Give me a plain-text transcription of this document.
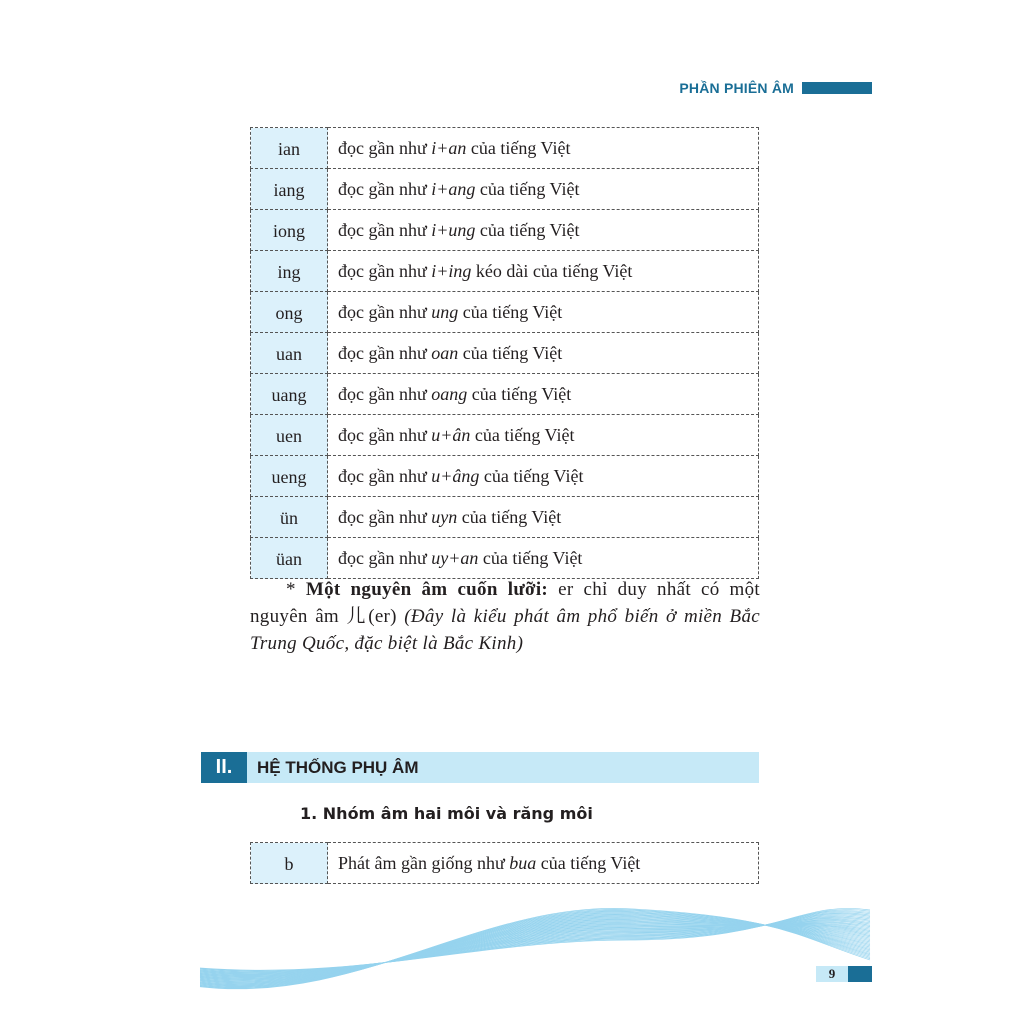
PHẦN PHIÊN ÂM
ian	đọc gần như i+an của tiếng Việt
iang	đọc gần như i+ang của tiếng Việt
iong	đọc gần như i+ung của tiếng Việt
ing	đọc gần như i+ing kéo dài của tiếng Việt
ong	đọc gần như ung của tiếng Việt
uan	đọc gần như oan của tiếng Việt
uang	đọc gần như oang của tiếng Việt
uen	đọc gần như u+ân của tiếng Việt
ueng	đọc gần như u+âng của tiếng Việt
ün	đọc gần như uyn của tiếng Việt
üan	đọc gần như uy+an của tiếng Việt
* Một nguyên âm cuốn lưỡi: er chỉ duy nhất có một nguyên âm 儿(er) (Đây là kiểu phát âm phổ biến ở miền Bắc Trung Quốc, đặc biệt là Bắc Kinh)
II.	HỆ THỐNG PHỤ ÂM
1. Nhóm âm hai môi và răng môi
b	Phát âm gần giống như bua của tiếng Việt
9
